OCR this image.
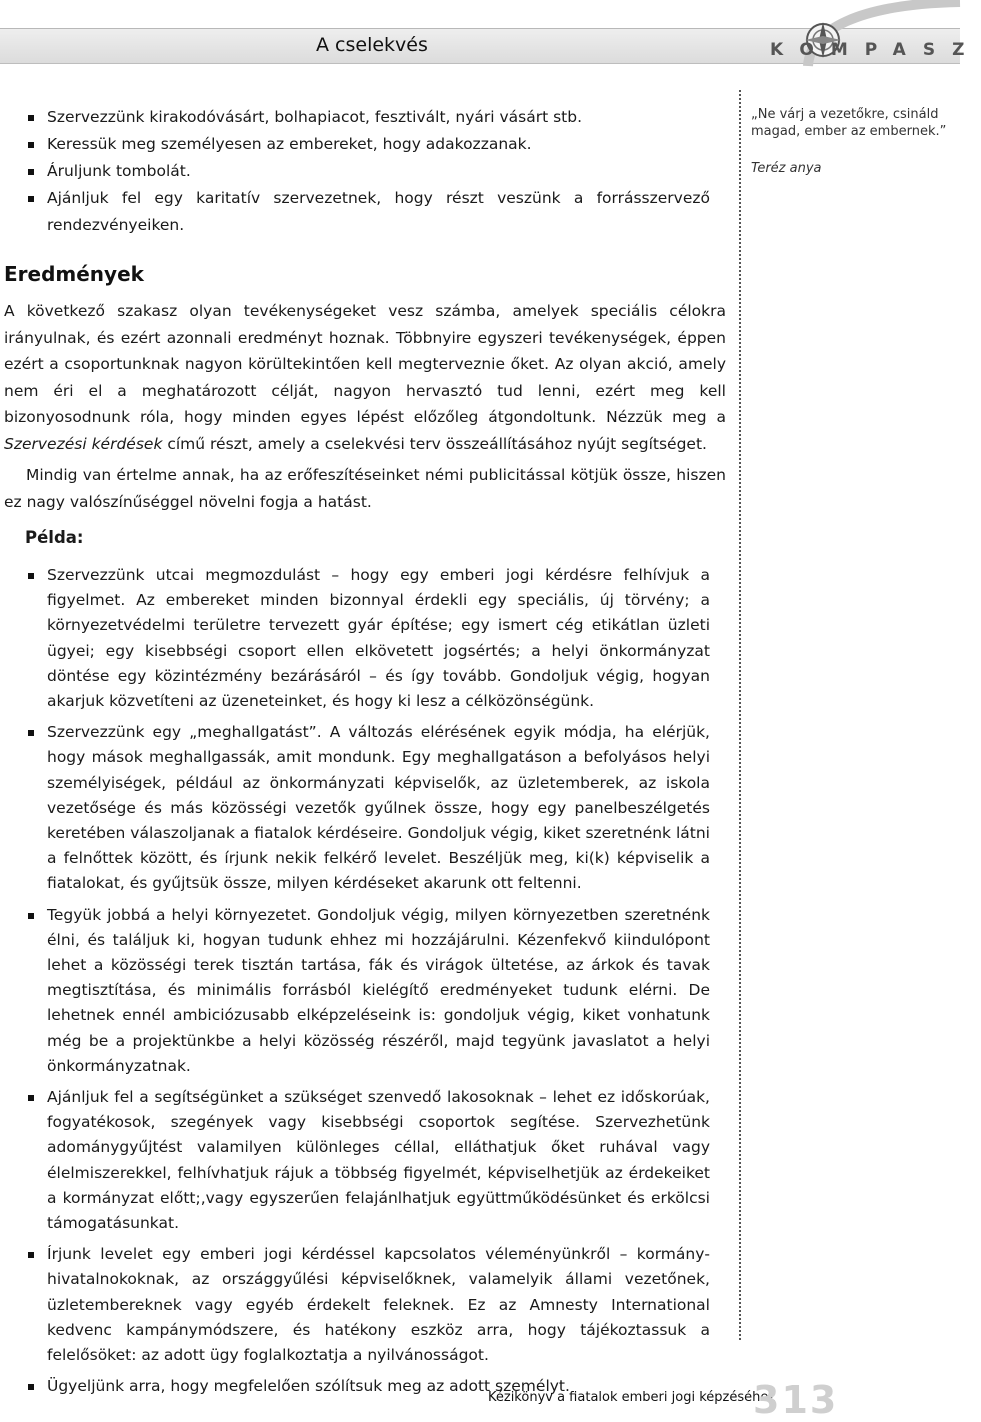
A cselekvés	KOMPASZ
„Ne várj a vezetőkre, csináld magad, ember az embernek.”
Teréz anya
Szervezzünk kirakodóvásárt, bolhapiacot, fesztivált, nyári vásárt stb.
Keressük meg személyesen az embereket, hogy adakozzanak.
Áruljunk tombolát.
Ajánljuk fel egy karitatív szervezetnek, hogy részt veszünk a forrásszervező rendezvényeiken.
Eredmények

A következő szakasz olyan tevékenységeket vesz számba, amelyek speciális célokra irányulnak, és ezért azonnali eredményt hoznak. Többnyire egyszeri tevékenységek, éppen ezért a csoportunknak nagyon körültekintően kell megterveznie őket. Az olyan akció, amely nem éri el a meghatározott célját, nagyon hervasztó tud lenni, ezért meg kell bizonyosodnunk róla, hogy minden egyes lépést előzőleg átgondoltunk. Nézzük meg a Szervezési kérdések című részt, amely a cselekvési terv összeállításához nyújt segítséget.

Mindig van értelme annak, ha az erőfeszítéseinket némi publicitással kötjük össze, hiszen ez nagy valószínűséggel növelni fogja a hatást.

Példa:
Szervezzünk utcai megmozdulást – hogy egy emberi jogi kérdésre felhívjuk a figyelmet. Az embereket minden bizonnyal érdekli egy speciális, új törvény; a környezetvédelmi területre tervezett gyár építése; egy ismert cég etikátlan üzleti ügyei; egy kisebbségi csoport ellen elkövetett jogsértés; a helyi önkormányzat döntése egy közintézmény bezárásáról – és így tovább. Gondoljuk végig, hogyan akarjuk közvetíteni az üzeneteinket, és hogy ki lesz a célközönségünk.
Szervezzünk egy „meghallgatást”. A változás elérésének egyik módja, ha elérjük, hogy mások meghallgassák, amit mondunk. Egy meghallgatáson a befolyásos helyi személyiségek, például az önkormányzati képviselők, az üzletemberek, az iskola vezetősége és más közösségi vezetők gyűlnek össze, hogy egy panelbeszélgetés keretében válaszoljanak a fiatalok kérdéseire. Gondoljuk végig, kiket szeretnénk látni a felnőttek között, és írjunk nekik felkérő levelet. Beszéljük meg, ki(k) képviselik a fiatalokat, és gyűjtsük össze, milyen kérdéseket akarunk ott feltenni.
Tegyük jobbá a helyi környezetet. Gondoljuk végig, milyen környezetben szeretnénk élni, és találjuk ki, hogyan tudunk ehhez mi hozzájárulni. Kézenfekvő kiindulópont lehet a közösségi terek tisztán tartása, fák és virágok ültetése, az árkok és tavak megtisztítása, és minimális forrásból kielégítő eredményeket tudunk elérni. De lehetnek ennél ambiciózusabb elképzeléseink is: gondoljuk végig, kiket vonhatunk még be a projektünkbe a helyi közösség részéről, majd tegyünk javaslatot a helyi önkormányzatnak.
Ajánljuk fel a segítségünket a szükséget szenvedő lakosoknak – lehet ez időskorúak, fogyatékosok, szegények vagy kisebbségi csoportok segítése. Szervezhetünk adománygyűjtést valamilyen különleges céllal, elláthatjuk őket ruhával vagy élelmiszerekkel, felhívhatjuk rájuk a többség figyelmét, képviselhetjük az érdekeiket a kormányzat előtt;,vagy egyszerűen felajánlhatjuk együttműködésünket és erkölcsi támogatásunkat.
Írjunk levelet egy emberi jogi kérdéssel kapcsolatos véleményünkről – kormányhivatalnokoknak, az országgyűlési képviselőknek, valamelyik állami vezetőnek, üzletembereknek vagy egyéb érdekelt feleknek. Ez az Amnesty International kedvenc kampánymódszere, és hatékony eszköz arra, hogy tájékoztassuk a felelősöket: az adott ügy foglalkoztatja a nyilvánosságot.
Ügyeljünk arra, hogy megfelelően szólítsuk meg az adott személyt.
Kézikönyv a fiatalok emberi jogi képzéséhez
313
